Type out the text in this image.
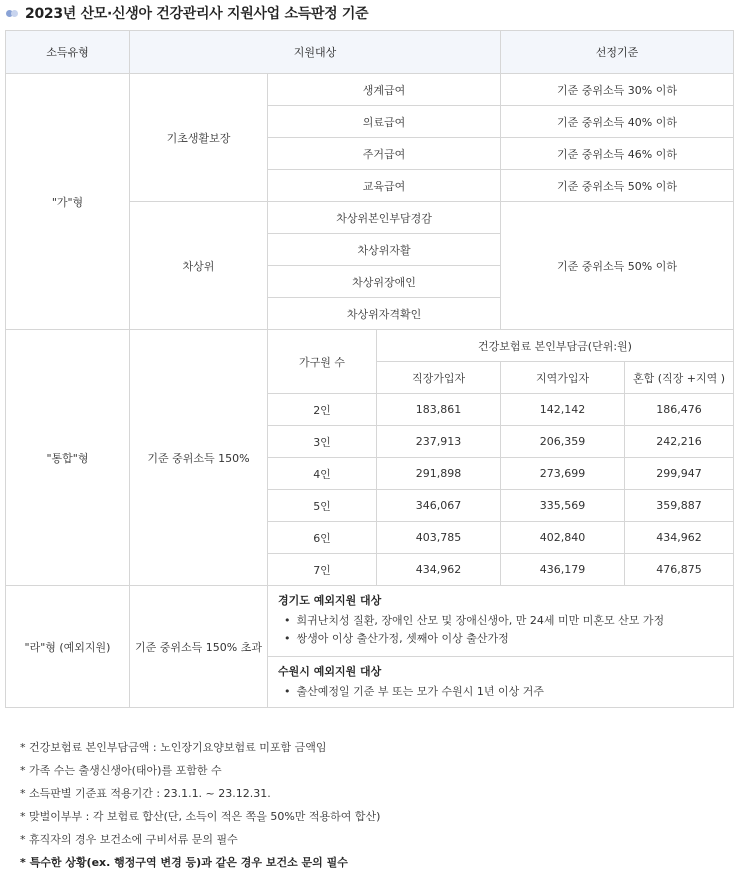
2023년 산모·신생아 건강관리사 지원사업 소득판정 기준
소득유형	지원대상			선정기준	
"가"형	기초생활보장	생계급여		기준 중위소득 30% 이하	
		의료급여		기준 중위소득 40% 이하	
		주거급여		기준 중위소득 46% 이하	
		교육급여		기준 중위소득 50% 이하	
	차상위	차상위본인부담경감		기준 중위소득 50% 이하	
		차상위자활			
		차상위장애인			
		차상위자격확인			
"통합"형	기준 중위소득 150%	가구원 수	건강보험료 본인부담금(단위:원)		
			직장가입자	지역가입자	혼합 (직장 +지역 )
		2인	183,861	142,142	186,476
		3인	237,913	206,359	242,216
		4인	291,898	273,699	299,947
		5인	346,067	335,569	359,887
		6인	403,785	402,840	434,962
		7인	434,962	436,179	476,875
"라"형 (예외지원)	기준 중위소득 150% 초과	경기도 예외지원 대상
• 희귀난치성 질환, 장애인 산모 및 장애신생아, 만 24세 미만 미혼모 산모 가정
• 쌍생아 이상 출산가정, 셋째아 이상 출산가정
수원시 예외지원 대상
• 출산예정일 기준 부 또는 모가 수원시 1년 이상 거주
* 건강보험료 본인부담금액 : 노인장기요양보험료 미포함 금액임
* 가족 수는 출생신생아(태아)를 포함한 수
* 소득판별 기준표 적용기간 : 23.1.1. ~ 23.12.31.
* 맞벌이부부 : 각 보험료 합산(단, 소득이 적은 쪽을 50%만 적용하여 합산)
* 휴직자의 경우 보건소에 구비서류 문의 필수
* 특수한 상황(ex. 행정구역 변경 등)과 같은 경우 보건소 문의 필수
